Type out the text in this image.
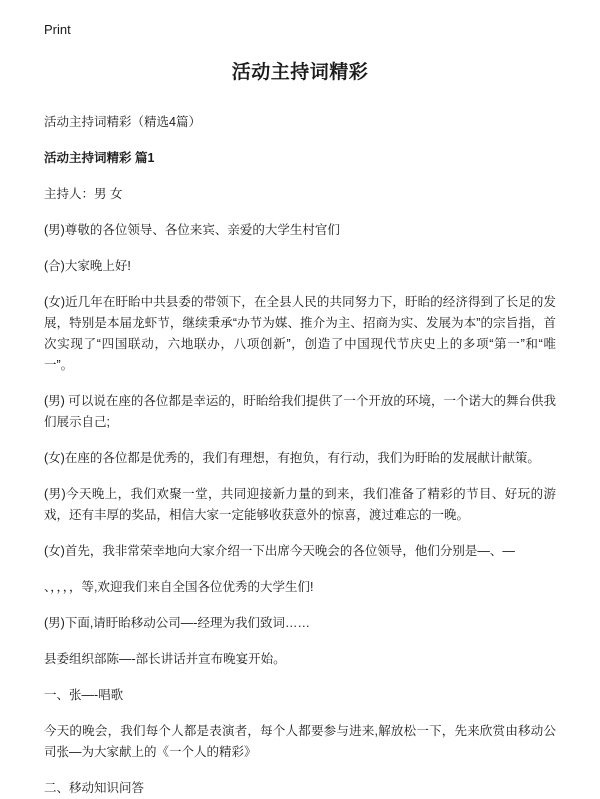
Print
活动主持词精彩

活动主持词精彩（精选4篇）

活动主持词精彩 篇1

主持人：男 女

(男)尊敬的各位领导、各位来宾、亲爱的大学生村官们

(合)大家晚上好!

(女)近几年在盱眙中共县委的带领下，在全县人民的共同努力下，盱眙的经济得到了长足的发展，特别是本届龙虾节，继续秉承“办节为媒、推介为主、招商为实、发展为本”的宗旨指，首次实现了“四国联动，六地联办，八项创新”，创造了中国现代节庆史上的多项“第一”和“唯一”。

(男) 可以说在座的各位都是幸运的，盱眙给我们提供了一个开放的环境，一个诺大的舞台供我们展示自己;

(女)在座的各位都是优秀的，我们有理想，有抱负，有行动，我们为盱眙的发展献计献策。

(男)今天晚上，我们欢聚一堂，共同迎接新力量的到来，我们准备了精彩的节目、好玩的游戏，还有丰厚的奖品，相信大家一定能够收获意外的惊喜，渡过难忘的一晚。

(女)首先，我非常荣幸地向大家介绍一下出席今天晚会的各位领导，他们分别是—、—

、，，，，等,欢迎我们来自全国各位优秀的大学生们!

(男)下面,请盱眙移动公司—-经理为我们致词……

县委组织部陈—-部长讲话并宣布晚宴开始。

一、张—-唱歌

今天的晚会，我们每个人都是表演者，每个人都要参与进来,解放松一下，先来欣赏由移动公司张—为大家献上的《一个人的精彩》

二、移动知识问答
